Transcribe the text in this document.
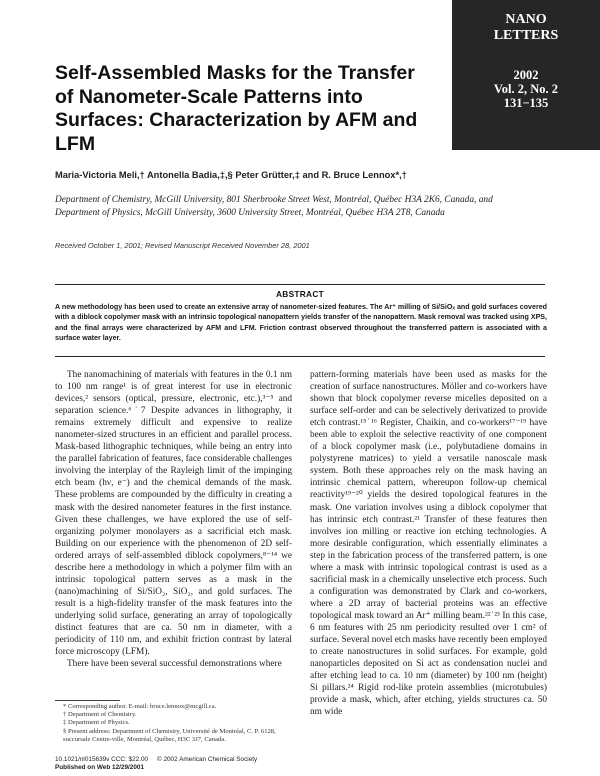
NANO
LETTERS
2002
Vol. 2, No. 2
131−135
Self-Assembled Masks for the Transfer of Nanometer-Scale Patterns into Surfaces: Characterization by AFM and LFM
Maria-Victoria Meli,† Antonella Badia,‡,§ Peter Grütter,‡ and R. Bruce Lennox*,†
Department of Chemistry, McGill University, 801 Sherbrooke Street West, Montréal, Québec H3A 2K6, Canada, and Department of Physics, McGill University, 3600 University Street, Montréal, Québec H3A 2T8, Canada
Received October 1, 2001; Revised Manuscript Received November 28, 2001
ABSTRACT
A new methodology has been used to create an extensive array of nanometer-sized features. The Ar⁺ milling of Si/SiOₓ and gold surfaces covered with a diblock copolymer mask with an intrinsic topological nanopattern yields transfer of the nanopattern. Mask removal was tracked using XPS, and the final arrays were characterized by AFM and LFM. Friction contrast observed throughout the transferred pattern is associated with a surface water layer.

The nanomachining of materials with features in the 0.1 nm to 100 nm range¹ is of great interest for use in electronic devices,² sensors (optical, pressure, electronic, etc.),³⁻⁵ and separation science.⁶˙7 Despite advances in lithography, it remains extremely difficult and expensive to realize nanometer-sized structures in an efficient and parallel process. Mask-based lithographic techniques, while being an entry into the parallel fabrication of features, face considerable challenges involving the interplay of the Rayleigh limit of the impinging etch beam (hν, e⁻) and the chemical demands of the mask. These problems are compounded by the difficulty in creating a mask with the desired nanometer features in the first instance. Given these challenges, we have explored the use of self-organizing polymer monolayers as a sacrificial etch mask. Building on our experience with the phenomenon of 2D self-ordered arrays of self-assembled diblock copolymers,⁸⁻¹⁴ we describe here a methodology in which a polymer film with an intrinsic topological pattern serves as a mask in the (nano)machining of Si/SiO₂, SiO₂, and gold surfaces. The result is a high-fidelity transfer of the mask features into the underlying solid surface, generating an array of topologically distinct features that are ca. 50 nm in diameter, with a periodicity of 110 nm, and exhibit friction contrast by lateral force microscopy (LFM).

There have been several successful demonstrations where

pattern-forming materials have been used as masks for the creation of surface nanostructures. Möller and co-workers have shown that block copolymer reverse micelles deposited on a surface self-order and can be selectively derivatized to provide etch contrast.¹⁵˙¹⁶ Register, Chaikin, and co-workers¹⁷⁻¹⁹ have been able to exploit the selective reactivity of one component of a block copolymer mask (i.e., polybutadiene domains in polystyrene matrices) to yield a versatile nanoscale mask system. Both these approaches rely on the mask having an intrinsic chemical pattern, whereupon follow-up chemical reactivity¹⁹⁻²⁰ yields the desired topological features in the mask. One variation involves using a diblock copolymer that has intrinsic etch contrast.²¹ Transfer of these features then involves ion milling or reactive ion etching technologies. A more desirable configuration, which essentially eliminates a step in the fabrication process of the transferred pattern, is one where a mask with intrinsic topological contrast is used as a sacrificial mask in a chemically unselective etch process. Such a configuration was demonstrated by Clark and co-workers, where a 2D array of bacterial proteins was an effective topological mask toward an Ar⁺ milling beam.²²˙²³ In this case, 6 nm features with 25 nm periodicity resulted over 1 cm² of surface. Several novel etch masks have recently been employed to create nanostructures in solid surfaces. For example, gold nanoparticles deposited on Si act as condensation nuclei and after etching lead to ca. 10 nm (diameter) by 100 nm (height) Si pillars.²⁴ Rigid rod-like protein assemblies (microtubules) provide a mask, which, after etching, yields structures ca. 50 nm wide

* Corresponding author. E-mail: bruce.lennox@mcgill.ca.

† Department of Chemistry.

‡ Department of Physics.

§ Present address: Department of Chemistry, Université de Montréal, C. P. 6128, succursale Centre-ville, Montréal, Québec, H3C 3J7, Canada.

10.1021/nl015639v CCC: $22.00     © 2002 American Chemical Society
Published on Web 12/29/2001
